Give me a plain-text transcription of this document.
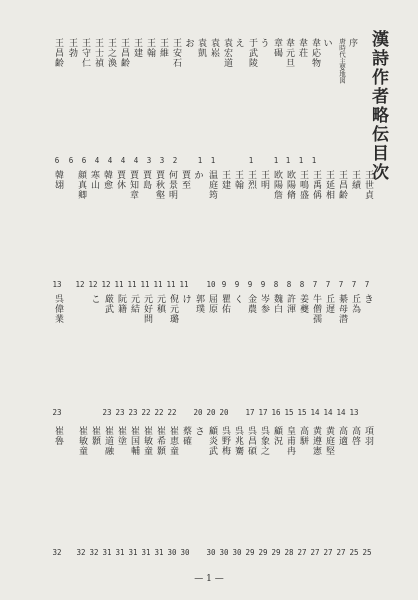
漢詩作者略伝目次
序
唐時代主要地図
い
韋応物
1
韋荘
1
韋元旦
1
章碣
1
う
于武陵
1
え
袁宏道
袁崧
1
袁凱
1
お
王安石
2
王維
3
王翰
3
王建
4
王昌齢
4
王之渙
4
王士禎
4
王守仁
6
王勃
6
王昌齢
6
王世貞
7
王績
7
王昌齢
7
王延相
7
王禹偁
7
王鳴盛
8
欧陽脩
8
欧陽詹
8
王明
9
王烈
9
王翰
9
王建
9
温庭筠
10
か
賈至
11
何景明
11
賈秋壑
11
賈島
11
賈知章
11
賈休
11
韓愈
12
寒山
12
顔真卿
12
韓翃
13
き
丘為
13
綦母潜
14
丘遅
14
牛僧孺
14
姜夔
15
許渾
15
魏白
16
岑参
17
金農
17
く
瞿佑
20
屈原
20
郭璞
20
け
倪元璐
22
元稹
22
元好問
22
元結
23
阮籍
23
厳武
23
こ
呉偉業
23
項羽
25
高啓
25
高適
27
黄庭堅
27
黄遵憲
27
高駢
27
皇甫冉
28
顧況
29
呉象之
29
呉昌碩
29
呉兆騫
30
呉野梅
30
顧炎武
30
さ
蔡確
30
崔恵童
30
崔希顥
31
崔敏童
31
崔国輔
31
崔塗
31
崔道融
31
崔顥
32
崔敏童
32
崔魯
32
— 1 —
